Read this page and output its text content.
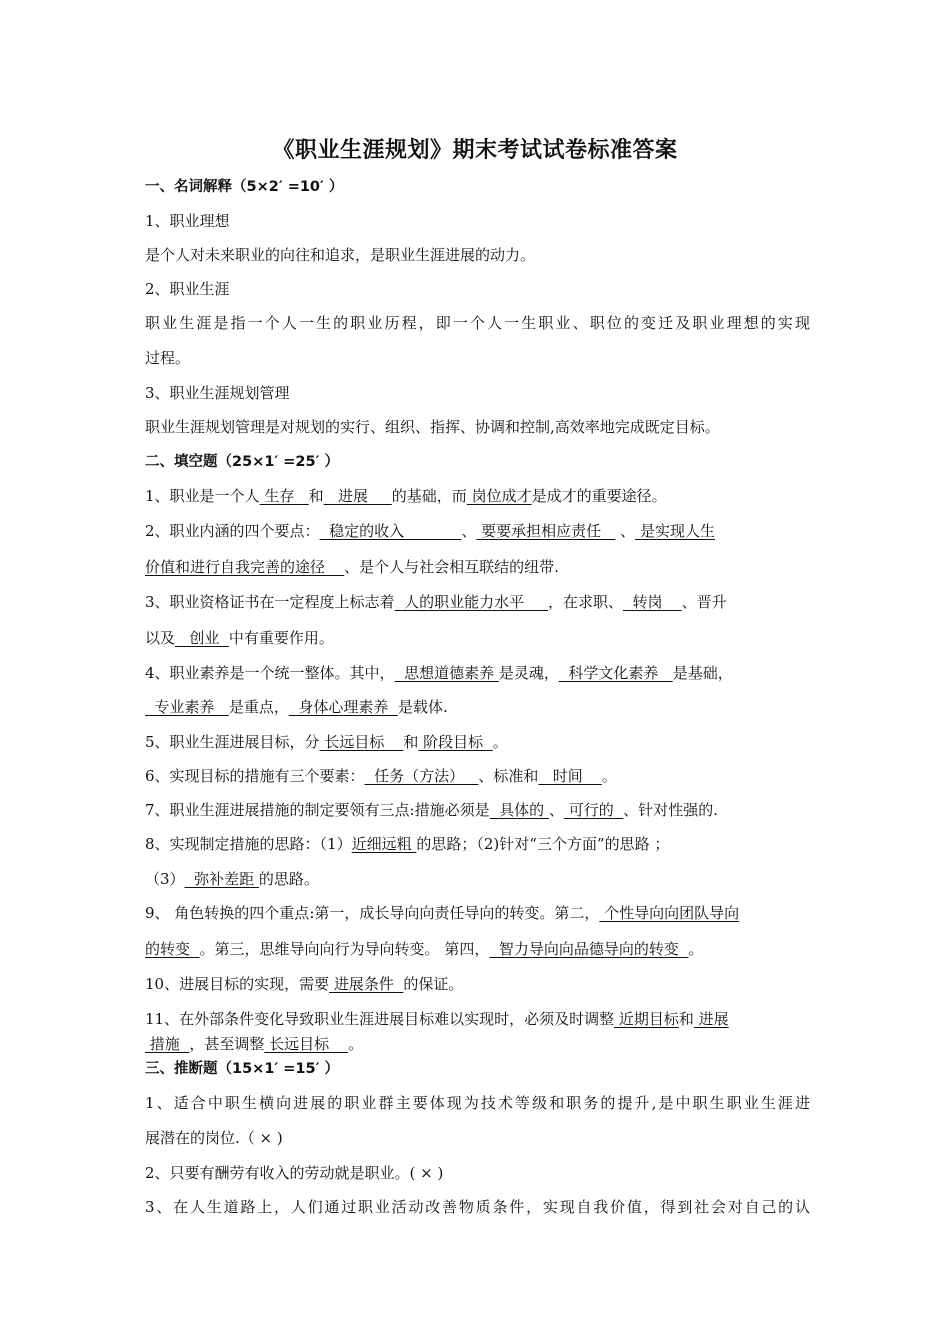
《职业生涯规划》期末考试试卷标准答案
一、名词解释（5×2′ =10′ ）
1、职业理想
是个人对未来职业的向往和追求，是职业生涯进展的动力。
2、职业生涯
职业生涯是指一个人一生的职业历程，即一个人一生职业、职位的变迁及职业理想的实现
过程。
3、职业生涯规划管理
职业生涯规划管理是对规划的实行、组织、指挥、协调和控制,高效率地完成既定目标。
二、填空题（25×1′ =25′ ）
1、职业是一个人 生存   和   进展     的基础，而 岗位成才是成才的重要途径。
2、职业内涵的四个要点：  稳定的收入            、 要要承担相应责任    、 是实现人生
价值和进行自我完善的途径    、是个人与社会相互联结的纽带.
3、职业资格证书在一定程度上标志着  人的职业能力水平     ，在求职、  转岗    、晋升
以及   创业  中有重要作用。
4、职业素养是一个统一整体。其中，  思想道德素养 是灵魂，  科学文化素养   是基础，
专业素养   是重点，  身体心理素养  是载体.
5、职业生涯进展目标，分 长远目标    和 阶段目标  。
6、实现目标的措施有三个要素：  任务（方法）   、标准和   时间    。
7、职业生涯进展措施的制定要领有三点:措施必须是  具体的 、 可行的  、针对性强的.
8、实现制定措施的思路：（1）近细远粗 的思路；（2)针对“三个方面”的思路 ；
（3）  弥补差距 的思路。
9、 角色转换的四个重点:第一，成长导向向责任导向的转变。第二， 个性导向向团队导向
的转变  。第三，思维导向向行为导向转变。 第四，  智力导向向品德导向的转变  。
10、进展目标的实现，需要 进展条件  的保证。
11、在外部条件变化导致职业生涯进展目标难以实现时，必须及时调整 近期目标和 进展
措施  ，甚至调整 长远目标    。
三、推断题（15×1′ =15′ ）
1、适合中职生横向进展的职业群主要体现为技术等级和职务的提升,是中职生职业生涯进
展潜在的岗位.（ × )
2、只要有酬劳有收入的劳动就是职业。( × )
3、在人生道路上，人们通过职业活动改善物质条件，实现自我价值，得到社会对自己的认
